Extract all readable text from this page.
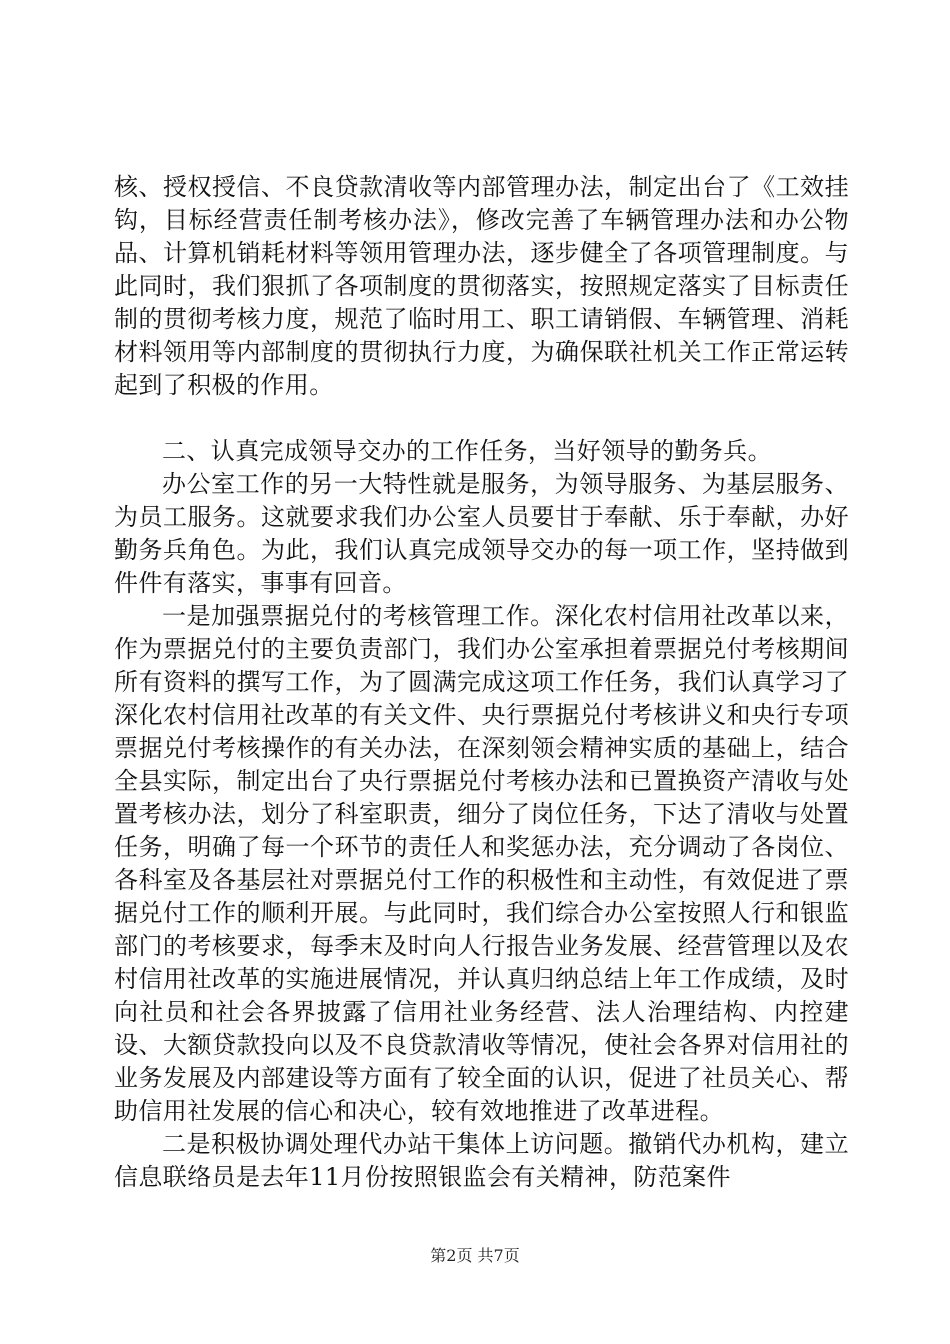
核、授权授信、不良贷款清收等内部管理办法，制定出台了《工效挂钩，目标经营责任制考核办法》，修改完善了车辆管理办法和办公物品、计算机销耗材料等领用管理办法，逐步健全了各项管理制度。与此同时，我们狠抓了各项制度的贯彻落实，按照规定落实了目标责任制的贯彻考核力度，规范了临时用工、职工请销假、车辆管理、消耗材料领用等内部制度的贯彻执行力度，为确保联社机关工作正常运转起到了积极的作用。

二、认真完成领导交办的工作任务，当好领导的勤务兵。

办公室工作的另一大特性就是服务，为领导服务、为基层服务、为员工服务。这就要求我们办公室人员要甘于奉献、乐于奉献，办好勤务兵角色。为此，我们认真完成领导交办的每一项工作，坚持做到件件有落实，事事有回音。

一是加强票据兑付的考核管理工作。深化农村信用社改革以来，作为票据兑付的主要负责部门，我们办公室承担着票据兑付考核期间所有资料的撰写工作，为了圆满完成这项工作任务，我们认真学习了深化农村信用社改革的有关文件、央行票据兑付考核讲义和央行专项票据兑付考核操作的有关办法，在深刻领会精神实质的基础上，结合全县实际，制定出台了央行票据兑付考核办法和已置换资产清收与处置考核办法，划分了科室职责，细分了岗位任务，下达了清收与处置任务，明确了每一个环节的责任人和奖惩办法，充分调动了各岗位、各科室及各基层社对票据兑付工作的积极性和主动性，有效促进了票据兑付工作的顺利开展。与此同时，我们综合办公室按照人行和银监部门的考核要求，每季末及时向人行报告业务发展、经营管理以及农村信用社改革的实施进展情况，并认真归纳总结上年工作成绩，及时向社员和社会各界披露了信用社业务经营、法人治理结构、内控建设、大额贷款投向以及不良贷款清收等情况，使社会各界对信用社的业务发展及内部建设等方面有了较全面的认识，促进了社员关心、帮助信用社发展的信心和决心，较有效地推进了改革进程。

二是积极协调处理代办站干集体上访问题。撤销代办机构，建立信息联络员是去年11月份按照银监会有关精神，防范案件

第2页 共7页
